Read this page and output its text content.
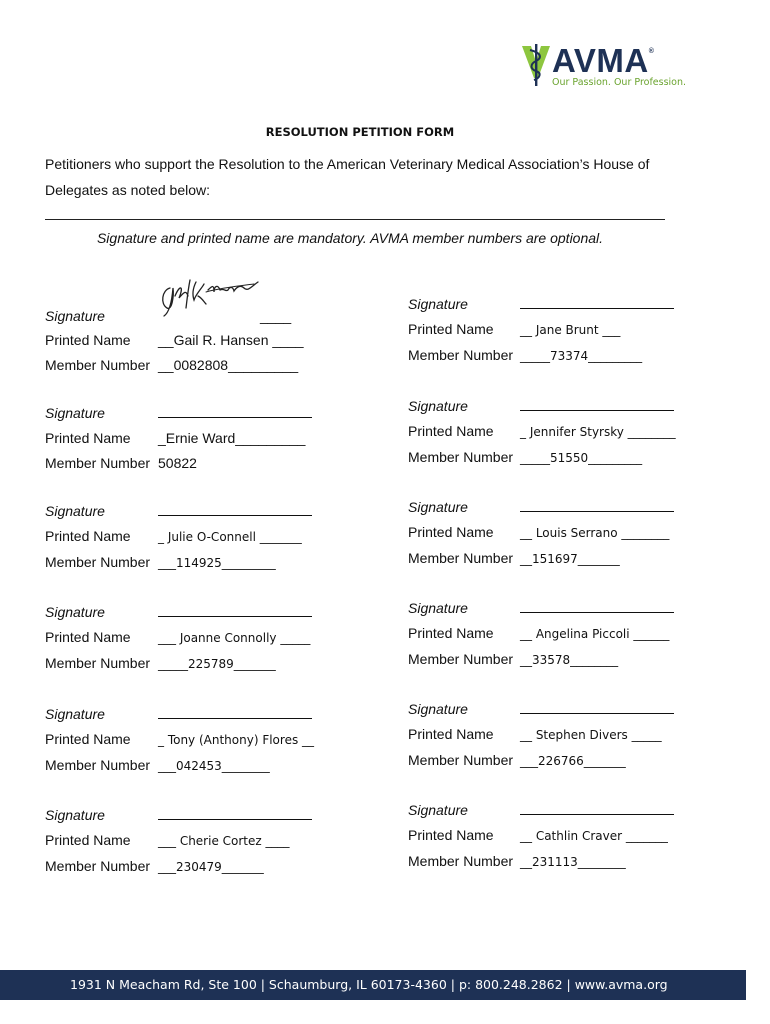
AVMA®
Our Passion. Our Profession.
RESOLUTION PETITION FORM
Petitioners who support the Resolution to the American Veterinary Medical Association’s House of Delegates as noted below:
Signature and printed name are mandatory. AVMA member numbers are optional.
Signature	____
Printed Name __Gail R. Hansen ____
Member Number __0082808_________
Signature
Printed Name _Ernie Ward_________
Member Number 50822
Signature
Printed Name _ Julie O-Connell _______
Member Number ___114925_________
Signature
Printed Name ___ Joanne Connolly _____
Member Number _____225789_______
Signature
Printed Name _ Tony (Anthony) Flores __
Member Number ___042453________
Signature
Printed Name ___ Cherie Cortez ____
Member Number ___230479_______
Signature
Printed Name __ Jane Brunt ___
Member Number _____73374_________
Signature
Printed Name _ Jennifer Styrsky ________
Member Number _____51550_________
Signature
Printed Name __ Louis Serrano ________
Member Number __151697_______
Signature
Printed Name __ Angelina Piccoli ______
Member Number __33578________
Signature
Printed Name __ Stephen Divers _____
Member Number ___226766_______
Signature
Printed Name __ Cathlin Craver _______
Member Number __231113________
1931 N Meacham Rd, Ste 100 | Schaumburg, IL 60173-4360 | p: 800.248.2862 | www.avma.org
